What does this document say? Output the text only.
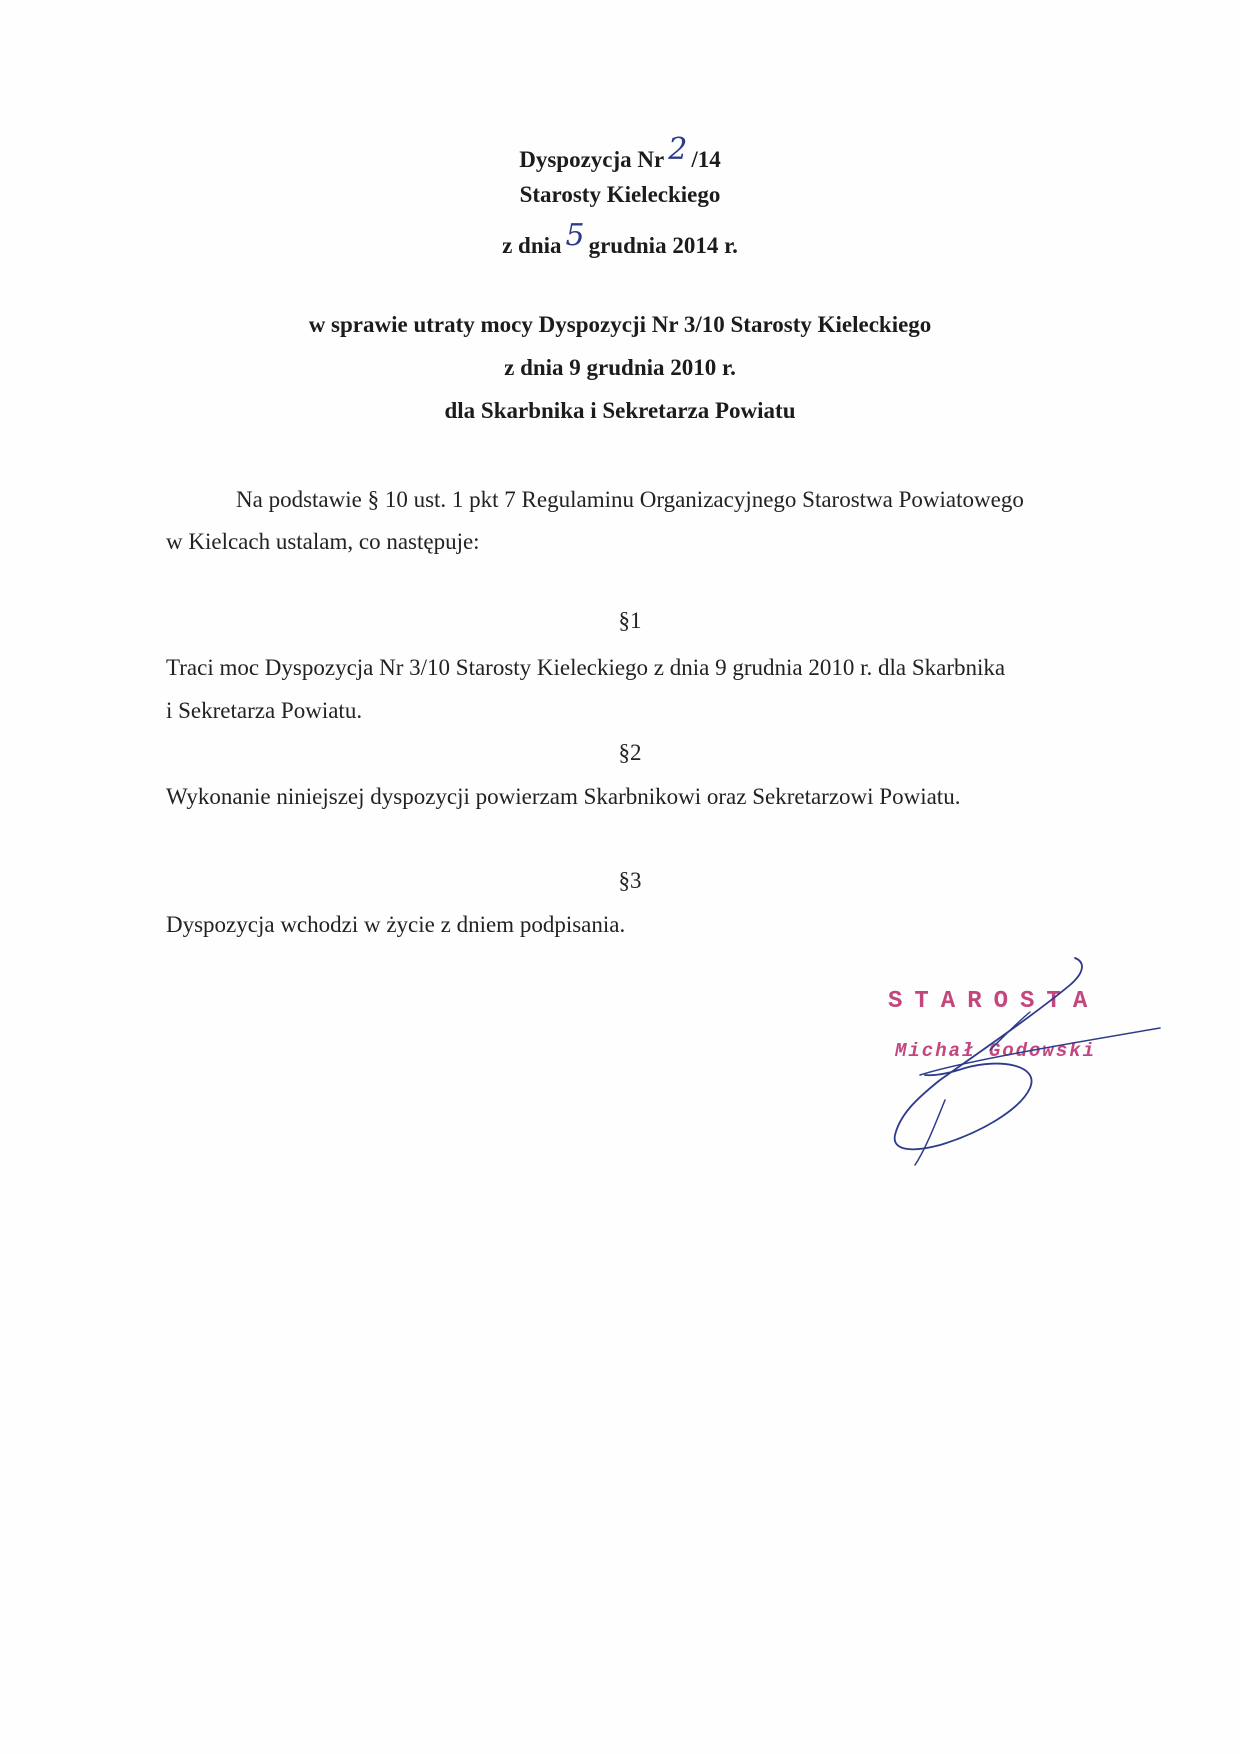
Dyspozycja Nr 2 /14
Starosty Kieleckiego
z dnia 5 grudnia 2014 r.
w sprawie utraty mocy Dyspozycji Nr 3/10 Starosty Kieleckiego
z dnia 9 grudnia 2010 r.
dla Skarbnika i Sekretarza Powiatu
Na podstawie § 10 ust. 1 pkt 7 Regulaminu Organizacyjnego Starostwa Powiatowego
w Kielcach ustalam, co następuje:
§1
Traci moc Dyspozycja Nr 3/10 Starosty Kieleckiego z dnia 9 grudnia 2010 r. dla Skarbnika
i Sekretarza Powiatu.
§2
Wykonanie niniejszej dyspozycji powierzam Skarbnikowi oraz Sekretarzowi Powiatu.
§3
Dyspozycja wchodzi w życie z dniem podpisania.
STAROSTA
Michał Godowski
